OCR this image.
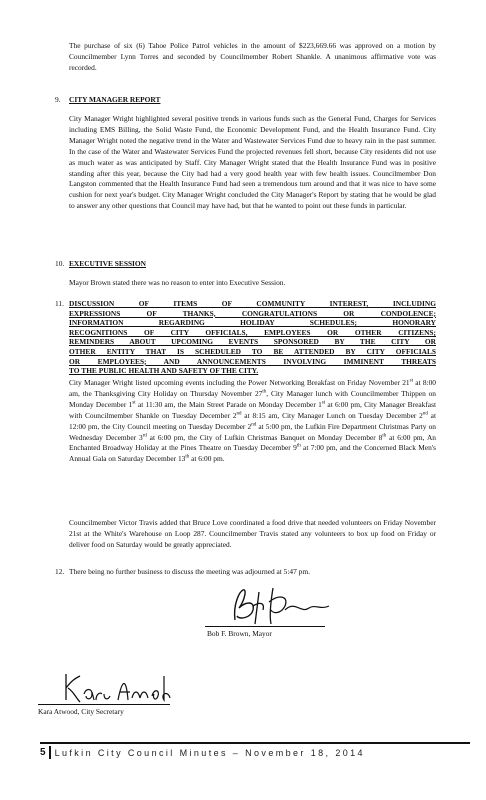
The purchase of six (6) Tahoe Police Patrol vehicles in the amount of $223,669.66 was approved on a motion by Councilmember Lynn Torres and seconded by Councilmember Robert Shankle. A unanimous affirmative vote was recorded.
9. CITY MANAGER REPORT
City Manager Wright highlighted several positive trends in various funds such as the General Fund, Charges for Services including EMS Billing, the Solid Waste Fund, the Economic Development Fund, and the Health Insurance Fund. City Manager Wright noted the negative trend in the Water and Wastewater Services Fund due to heavy rain in the past summer. In the case of the Water and Wastewater Services Fund the projected revenues fell short, because City residents did not use as much water as was anticipated by Staff. City Manager Wright stated that the Health Insurance Fund was in positive standing after this year, because the City had had a very good health year with few health issues. Councilmember Don Langston commented that the Health Insurance Fund had seen a tremendous turn around and that it was nice to have some cushion for next year's budget. City Manager Wright concluded the City Manager's Report by stating that he would be glad to answer any other questions that Council may have had, but that he wanted to point out these funds in particular.
10. EXECUTIVE SESSION
Mayor Brown stated there was no reason to enter into Executive Session.
11. DISCUSSION OF ITEMS OF COMMUNITY INTEREST, INCLUDING
EXPRESSIONS OF THANKS, CONGRATULATIONS OR CONDOLENCE;
INFORMATION REGARDING HOLIDAY SCHEDULES; HONORARY
RECOGNITIONS OF CITY OFFICIALS, EMPLOYEES OR OTHER CITIZENS;
REMINDERS ABOUT UPCOMING EVENTS SPONSORED BY THE CITY OR
OTHER ENTITY THAT IS SCHEDULED TO BE ATTENDED BY CITY OFFICIALS
OR EMPLOYEES; AND ANNOUNCEMENTS INVOLVING IMMINENT THREATS
TO THE PUBLIC HEALTH AND SAFETY OF THE CITY.
City Manager Wright listed upcoming events including the Power Networking Breakfast on Friday November 21st at 8:00 am, the Thanksgiving City Holiday on Thursday November 27th, City Manager lunch with Councilmember Thippen on Monday December 1st at 11:30 am, the Main Street Parade on Monday December 1st at 6:00 pm, City Manager Breakfast with Councilmember Shankle on Tuesday December 2nd at 8:15 am, City Manager Lunch on Tuesday December 2nd at 12:00 pm, the City Council meeting on Tuesday December 2nd at 5:00 pm, the Lufkin Fire Department Christmas Party on Wednesday December 3rd at 6:00 pm, the City of Lufkin Christmas Banquet on Monday December 8th at 6:00 pm, An Enchanted Broadway Holiday at the Pines Theatre on Tuesday December 9th at 7:00 pm, and the Concerned Black Men's Annual Gala on Saturday December 13th at 6:00 pm.
Councilmember Victor Travis added that Bruce Love coordinated a food drive that needed volunteers on Friday November 21st at the White's Warehouse on Loop 287. Councilmember Travis stated any volunteers to box up food on Friday or deliver food on Saturday would be greatly appreciated.
12. There being no further business to discuss the meeting was adjourned at 5:47 pm.
Bob F. Brown, Mayor
Kara Atwood, City Secretary
5	Lufkin City Council Minutes – November 18, 2014
